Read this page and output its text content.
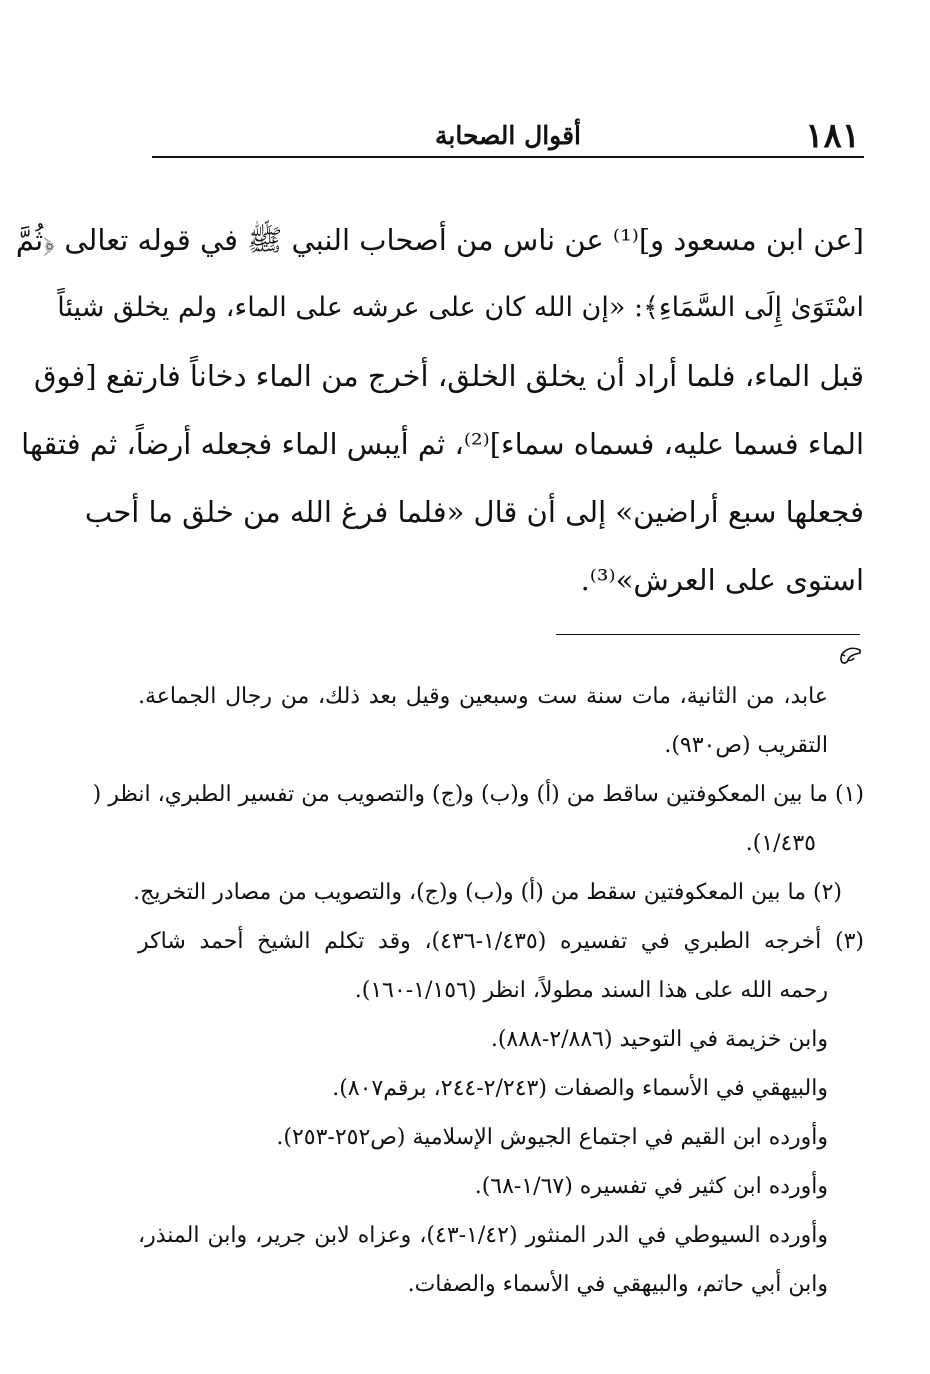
١٨١
أقوال الصحابة
[عن ابن مسعود و]⁽¹⁾ عن ناس من أصحاب النبي ﷺ في قوله تعالى ﴿ثُمَّ
اسْتَوَىٰ إِلَى السَّمَاءِ﴾: «إن الله كان على عرشه على الماء، ولم يخلق شيئاً
قبل الماء، فلما أراد أن يخلق الخلق، أخرج من الماء دخاناً فارتفع [فوق
الماء فسما عليه، فسماه سماء]⁽²⁾، ثم أيبس الماء فجعله أرضاً، ثم فتقها
فجعلها سبع أراضين» إلى أن قال «فلما فرغ الله من خلق ما أحب
استوى على العرش»⁽³⁾.
عابد، من الثانية، مات سنة ست وسبعين وقيل بعد ذلك، من رجال الجماعة.
التقريب (ص٩٣٠).
(١) ما بين المعكوفتين ساقط من (أ) و(ب) و(ج) والتصويب من تفسير الطبري، انظر (
١/٤٣٥).
(٢) ما بين المعكوفتين سقط من (أ) و(ب) و(ج)، والتصويب من مصادر التخريج.
(٣) أخرجه الطبري في تفسيره (١/٤٣٥-٤٣٦)، وقد تكلم الشيخ أحمد شاكر
رحمه الله على هذا السند مطولاً، انظر (١/١٥٦-١٦٠).
وابن خزيمة في التوحيد (٢/٨٨٦-٨٨٨).
والبيهقي في الأسماء والصفات (٢/٢٤٣-٢٤٤، برقم٨٠٧).
وأورده ابن القيم في اجتماع الجيوش الإسلامية (ص٢٥٢-٢٥٣).
وأورده ابن كثير في تفسيره (١/٦٧-٦٨).
وأورده السيوطي في الدر المنثور (١/٤٢-٤٣)، وعزاه لابن جرير، وابن المنذر،
وابن أبي حاتم، والبيهقي في الأسماء والصفات.
